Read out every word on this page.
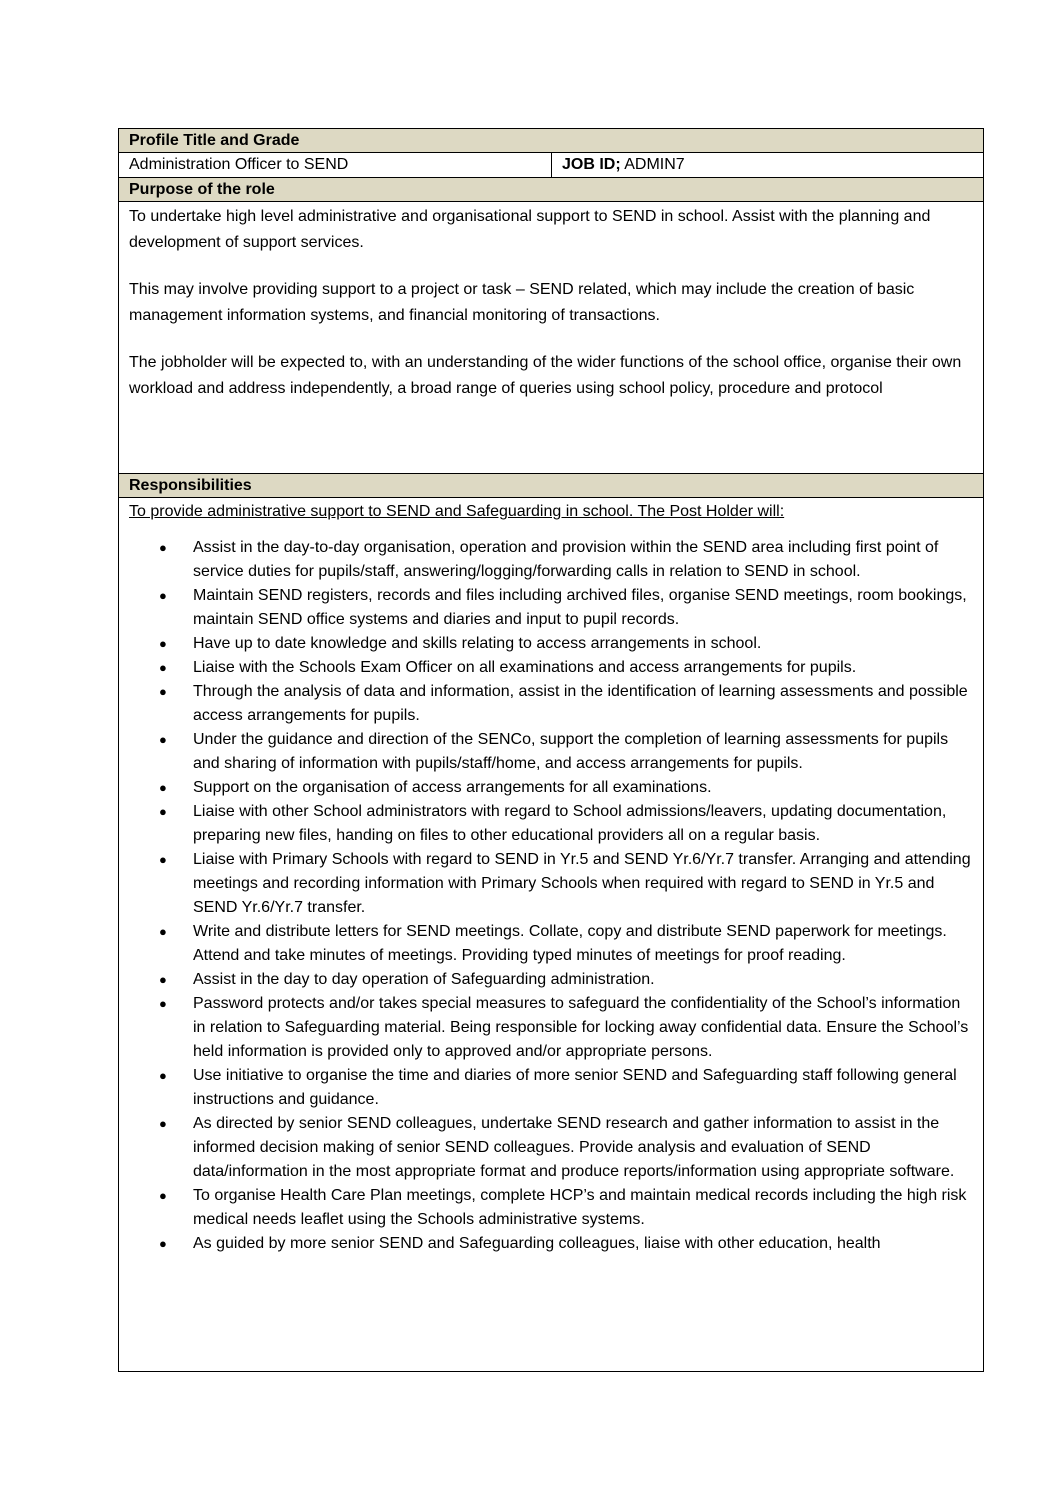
Profile Title and Grade
Administration Officer to SEND	JOB ID; ADMIN7
Purpose of the role

To undertake high level administrative and organisational support to SEND in school. Assist with the planning and development of support services.

This may involve providing support to a project or task – SEND related, which may include the creation of basic management information systems, and financial monitoring of transactions.

The jobholder will be expected to, with an understanding of the wider functions of the school office, organise their own workload and address independently, a broad range of queries using school policy, procedure and protocol

Responsibilities
To provide administrative support to SEND and Safeguarding in school. The Post Holder will:
● Assist in the day-to-day organisation, operation and provision within the SEND area including first point of service duties for pupils/staff, answering/logging/forwarding calls in relation to SEND in school.
● Maintain SEND registers, records and files including archived files, organise SEND meetings, room bookings, maintain SEND office systems and diaries and input to pupil records.
● Have up to date knowledge and skills relating to access arrangements in school.
● Liaise with the Schools Exam Officer on all examinations and access arrangements for pupils.
● Through the analysis of data and information, assist in the identification of learning assessments and possible access arrangements for pupils.
● Under the guidance and direction of the SENCo, support the completion of learning assessments for pupils and sharing of information with pupils/staff/home, and access arrangements for pupils.
● Support on the organisation of access arrangements for all examinations.
● Liaise with other School administrators with regard to School admissions/leavers, updating documentation, preparing new files, handing on files to other educational providers all on a regular basis.
● Liaise with Primary Schools with regard to SEND in Yr.5 and SEND Yr.6/Yr.7 transfer. Arranging and attending meetings and recording information with Primary Schools when required with regard to SEND in Yr.5 and SEND Yr.6/Yr.7 transfer.
● Write and distribute letters for SEND meetings. Collate, copy and distribute SEND paperwork for meetings. Attend and take minutes of meetings. Providing typed minutes of meetings for proof reading.
● Assist in the day to day operation of Safeguarding administration.
● Password protects and/or takes special measures to safeguard the confidentiality of the School’s information in relation to Safeguarding material. Being responsible for locking away confidential data. Ensure the School’s held information is provided only to approved and/or appropriate persons.
● Use initiative to organise the time and diaries of more senior SEND and Safeguarding staff following general instructions and guidance.
● As directed by senior SEND colleagues, undertake SEND research and gather information to assist in the informed decision making of senior SEND colleagues. Provide analysis and evaluation of SEND data/information in the most appropriate format and produce reports/information using appropriate software.
● To organise Health Care Plan meetings, complete HCP’s and maintain medical records including the high risk medical needs leaflet using the Schools administrative systems.
● As guided by more senior SEND and Safeguarding colleagues, liaise with other education, health
